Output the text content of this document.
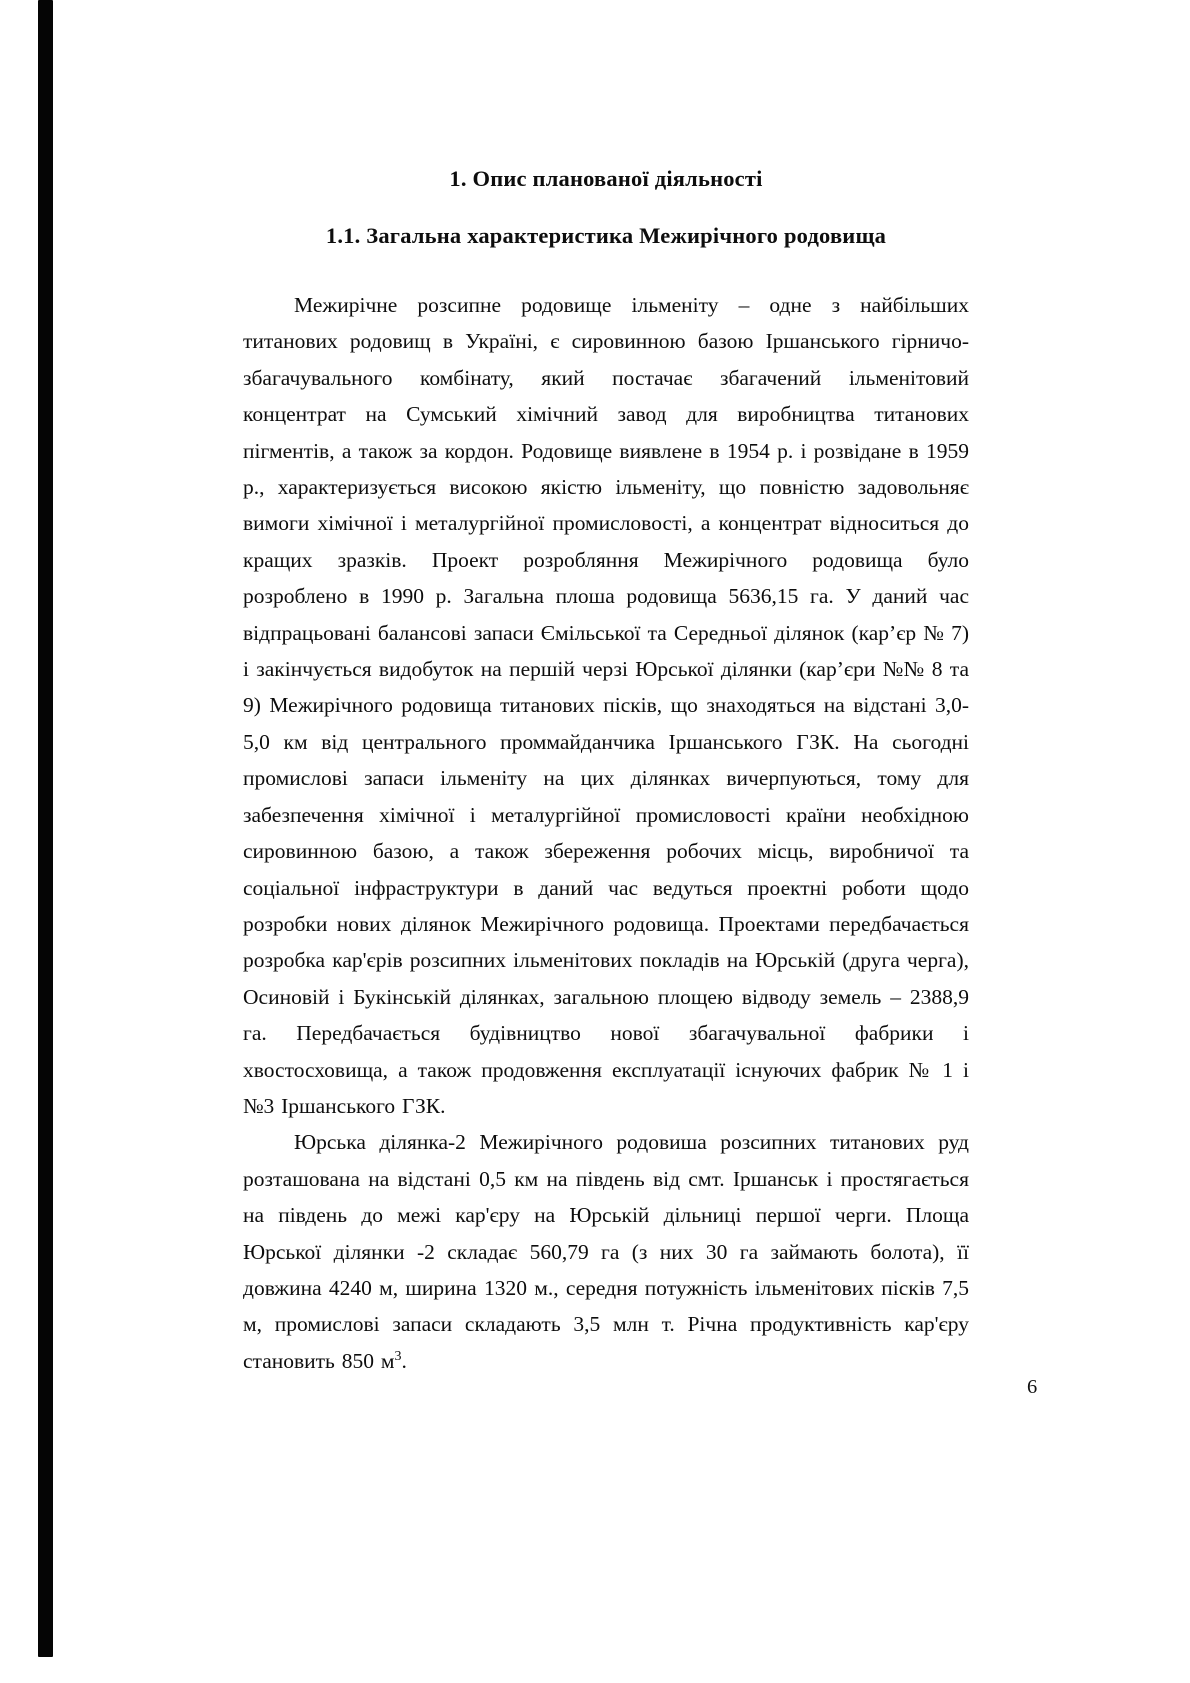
1. Опис планованої діяльності
1.1. Загальна характеристика Межирічного родовища

Межирічне розсипне родовище ільменіту – одне з найбільших титанових родовищ в Україні, є сировинною базою Іршанського гірничо-збагачувального комбінату, який постачає збагачений ільменітовий концентрат на Сумський хімічний завод для виробництва титанових пігментів, а також за кордон. Родовище виявлене в 1954 р. і розвідане в 1959 р., характеризується високою якістю ільменіту, що повністю задовольняє вимоги хімічної і металургійної промисловості, а концентрат відноситься до кращих зразків. Проект розробляння Межирічного родовища було розроблено в 1990 р. Загальна плоша родовища 5636,15 га. У даний час відпрацьовані балансові запаси Ємільської та Середньої ділянок (кар’єр № 7) і закінчується видобуток на першій черзі Юрської ділянки (кар’єри №№ 8 та 9) Межирічного родовища титанових пісків, що знаходяться на відстані 3,0-5,0 км від центрального проммайданчика Іршанського ГЗК. На сьогодні промислові запаси ільменіту на цих ділянках вичерпуються, тому для забезпечення хімічної і металургійної промисловості країни необхідною сировинною базою, а також збереження робочих місць, виробничої та соціальної інфраструктури в даний час ведуться проектні роботи щодо розробки нових ділянок Межирічного родовища. Проектами передбачається розробка кар'єрів розсипних ільменітових покладів на Юрській (друга черга), Осиновій і Букінській ділянках, загальною площею відводу земель – 2388,9 га. Передбачається будівництво нової збагачувальної фабрики і хвостосховища, а також продовження експлуатації існуючих фабрик № 1 і №3 Іршанського ГЗК.

Юрська ділянка-2 Межирічного родовиша розсипних титанових руд розташована на відстані 0,5 км на південь від смт. Іршанськ і простягається на південь до межі кар'єру на Юрській дільниці першої черги. Площа Юрської ділянки -2 складає 560,79 га (з них 30 га займають болота), її довжина 4240 м, ширина 1320 м., середня потужність ільменітових пісків 7,5 м, промислові запаси складають 3,5 млн т. Річна продуктивність кар'єру становить 850 $м^3$.

6
